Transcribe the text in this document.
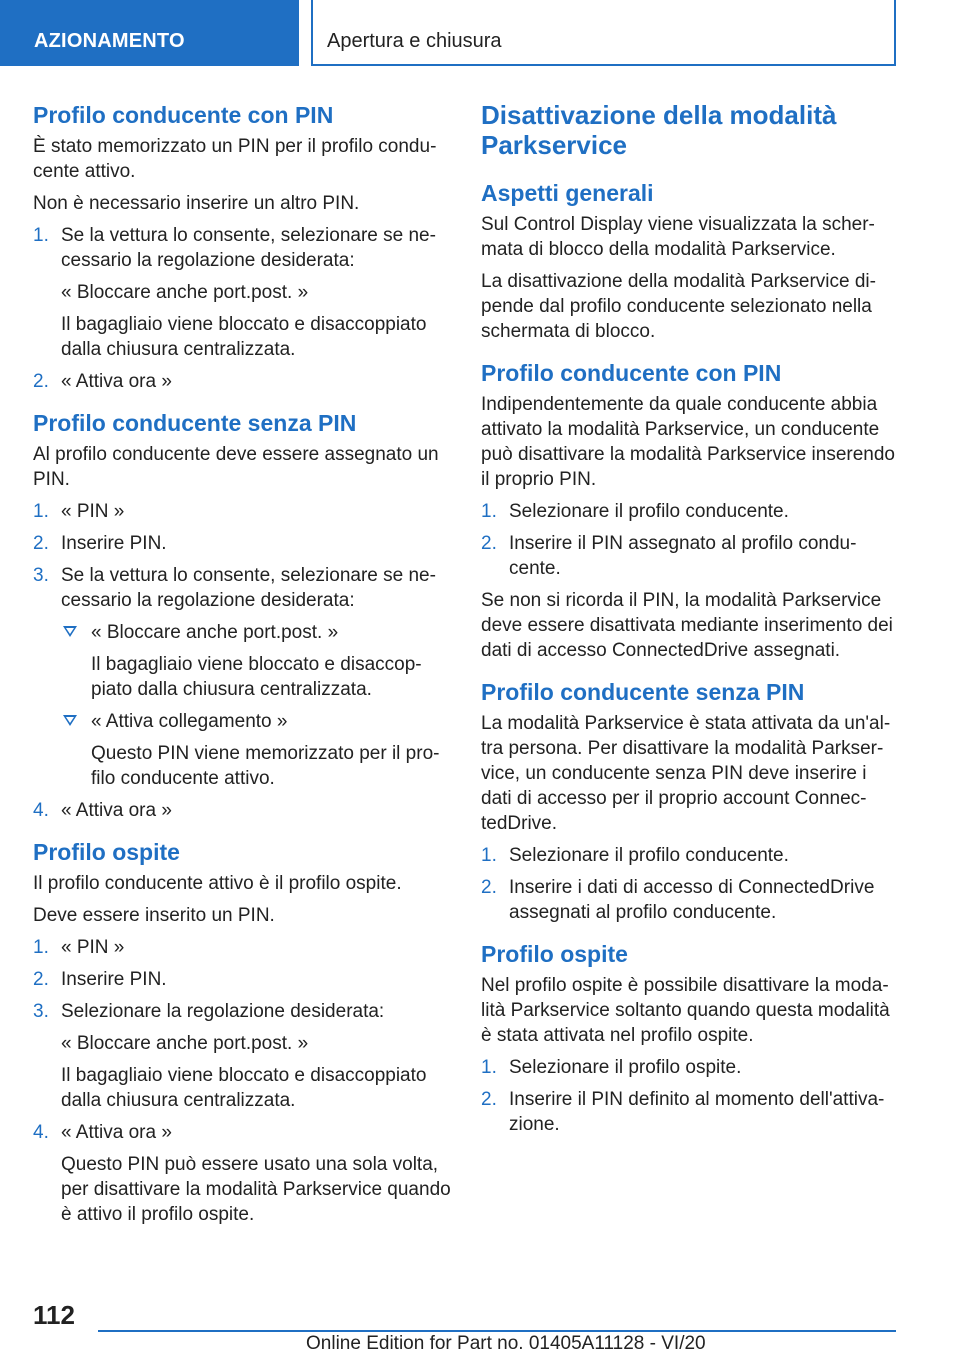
AZIONAMENTO	Apertura e chiusura
Profilo conducente con PIN

È stato memorizzato un PIN per il profilo condu-cente attivo.

Non è necessario inserire un altro PIN.

1. Se la vettura lo consente, selezionare se ne-cessario la regolazione desiderata:

« Bloccare anche port.post. »

Il bagagliaio viene bloccato e disaccoppiato dalla chiusura centralizzata.

2. « Attiva ora »

Profilo conducente senza PIN

Al profilo conducente deve essere assegnato un PIN.

1. « PIN »

2. Inserire PIN.

3. Se la vettura lo consente, selezionare se ne-cessario la regolazione desiderata:

« Bloccare anche port.post. »

Il bagagliaio viene bloccato e disaccop-piato dalla chiusura centralizzata.

« Attiva collegamento »

Questo PIN viene memorizzato per il pro-filo conducente attivo.

4. « Attiva ora »

Profilo ospite

Il profilo conducente attivo è il profilo ospite.

Deve essere inserito un PIN.

1. « PIN »

2. Inserire PIN.

3. Selezionare la regolazione desiderata:

« Bloccare anche port.post. »

Il bagagliaio viene bloccato e disaccoppiato dalla chiusura centralizzata.

4. « Attiva ora »

Questo PIN può essere usato una sola volta, per disattivare la modalità Parkservice quando è attivo il profilo ospite.

Disattivazione della modalità Parkservice
Aspetti generali

Sul Control Display viene visualizzata la scher-mata di blocco della modalità Parkservice.

La disattivazione della modalità Parkservice di-pende dal profilo conducente selezionato nella schermata di blocco.

Profilo conducente con PIN

Indipendentemente da quale conducente abbia attivato la modalità Parkservice, un conducente può disattivare la modalità Parkservice inserendo il proprio PIN.

1. Selezionare il profilo conducente.

2. Inserire il PIN assegnato al profilo condu-cente.

Se non si ricorda il PIN, la modalità Parkservice deve essere disattivata mediante inserimento dei dati di accesso ConnectedDrive assegnati.

Profilo conducente senza PIN

La modalità Parkservice è stata attivata da un'al-tra persona. Per disattivare la modalità Parkser-vice, un conducente senza PIN deve inserire i dati di accesso per il proprio account Connec-tedDrive.

1. Selezionare il profilo conducente.

2. Inserire i dati di accesso di ConnectedDrive assegnati al profilo conducente.

Profilo ospite

Nel profilo ospite è possibile disattivare la moda-lità Parkservice soltanto quando questa modalità è stata attivata nel profilo ospite.

1. Selezionare il profilo ospite.

2. Inserire il PIN definito al momento dell'attiva-zione.

112
Online Edition for Part no. 01405A11128 - VI/20
